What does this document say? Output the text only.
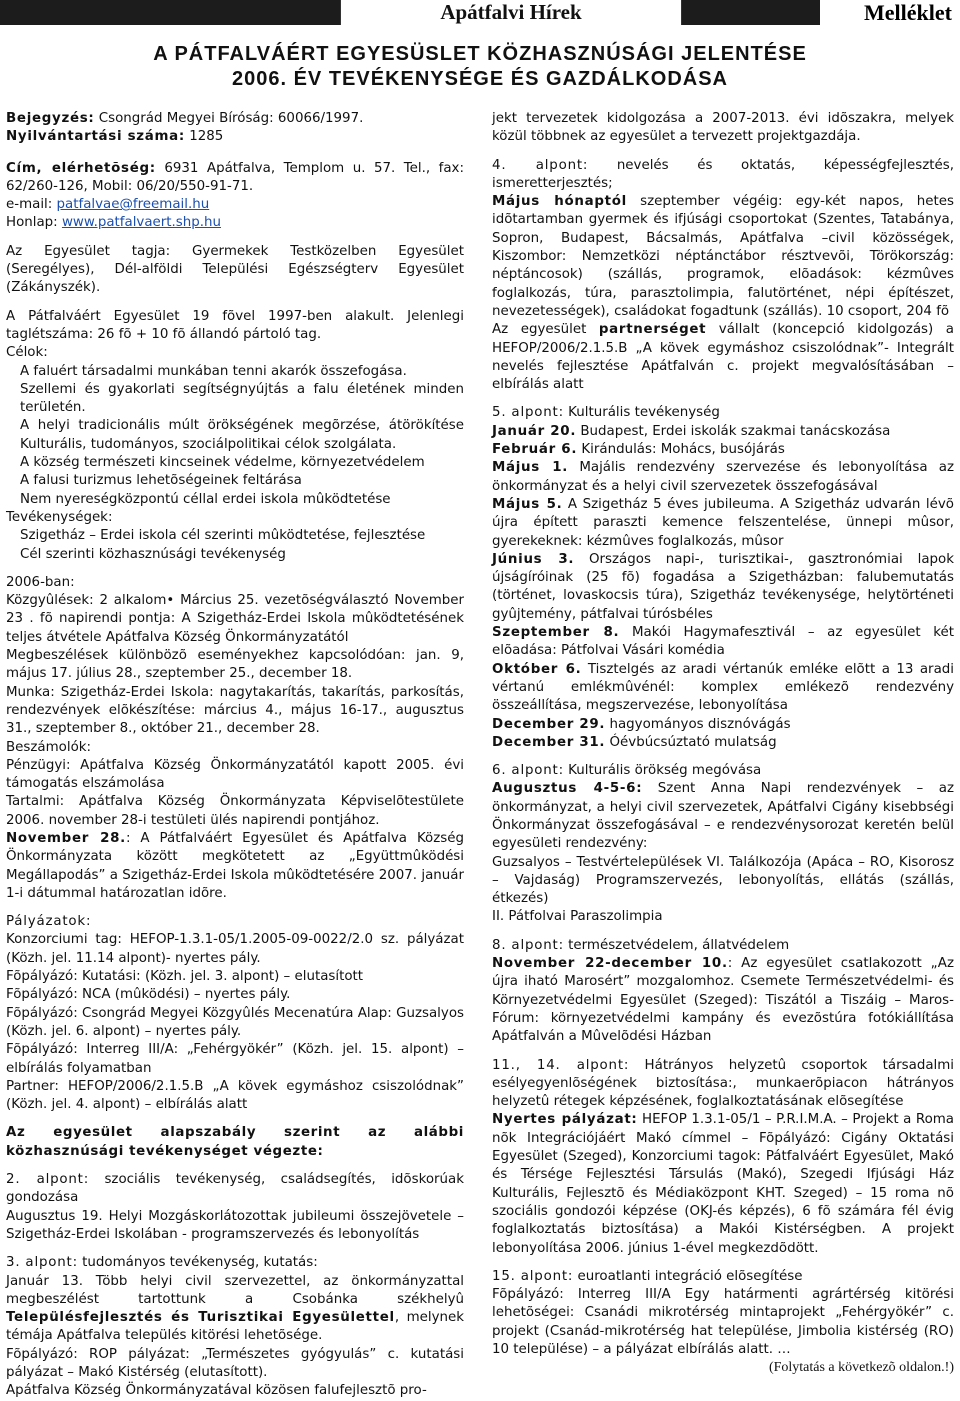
Apátfalvi Hírek	Melléklet
A PÁTFALVÁÉRT EGYESÜSLET KÖZHASZNÚSÁGI JELENTÉSE
2006. ÉV TEVÉKENYSÉGE ÉS GAZDÁLKODÁSA

Bejegyzés: Csongrád Megyei Bíróság: 60066/1997.

Nyilvántartási száma: 1285

Cím, elérhetõség: 6931 Apátfalva, Templom u. 57. Tel., fax: 62/260-126, Mobil: 06/20/550-91-71.

e-mail: patfalvae@freemail.hu

Honlap: www.patfalvaert.shp.hu

Az Egyesület tagja: Gyermekek Testközelben Egyesület (Seregélyes), Dél-alföldi Települési Egészségterv Egyesület (Zákányszék).

A Pátfalváért Egyesület 19 fõvel 1997-ben alakult. Jelenlegi taglétszáma: 26 fõ + 10 fõ állandó pártoló tag.

Célok:

A faluért társadalmi munkában tenni akarók összefogása.

Szellemi és gyakorlati segítségnyújtás a falu életének minden területén.

A helyi tradicionális múlt örökségének megõrzése, átörökítése Kulturális, tudományos, szociálpolitikai célok szolgálata.

A község természeti kincseinek védelme, környezetvédelem

A falusi turizmus lehetõségeinek feltárása

Nem nyereségközpontú céllal erdei iskola mûködtetése

Tevékenységek:

Szigetház – Erdei iskola cél szerinti mûködtetése, fejlesztése

Cél szerinti közhasznúsági tevékenység

2006-ban:

Közgyûlések: 2 alkalom• Március 25. vezetõségválasztó November 23 . fõ napirendi pontja: A Szigetház-Erdei Iskola mûködtetésének teljes átvétele Apátfalva Község Önkormányzatától

Megbeszélések különbözõ eseményekhez kapcsolódóan: jan. 9, május 17. július 28., szeptember 25., december 18.

Munka: Szigetház-Erdei Iskola: nagytakarítás, takarítás, parkosítás, rendezvények elõkészítése: március 4., május 16-17., augusztus 31., szeptember 8., október 21., december 28.

Beszámolók:

Pénzügyi: Apátfalva Község Önkormányzatától kapott 2005. évi támogatás elszámolása

Tartalmi: Apátfalva Község Önkormányzata Képviselõtestülete 2006. november 28-i testületi ülés napirendi pontjához.

November 28.: A Pátfalváért Egyesület és Apátfalva Község Önkormányzata között megkötetett az „Együttmûködési Megállapodás” a Szigetház-Erdei Iskola mûködtetésére 2007. január 1-i dátummal határozatlan idõre.

Pályázatok:

Konzorciumi tag: HEFOP-1.3.1-05/1.2005-09-0022/2.0 sz. pályázat (Közh. jel. 11.14 alpont)- nyertes pály.

Fõpályázó: Kutatási: (Közh. jel. 3. alpont) – elutasított

Fõpályázó: NCA (mûködési) – nyertes pály.

Fõpályázó: Csongrád Megyei Közgyûlés Mecenatúra Alap: Guzsalyos (Közh. jel. 6. alpont) – nyertes pály.

Fõpályázó: Interreg III/A: „Fehérgyökér” (Közh. jel. 15. alpont) – elbírálás folyamatban

Partner: HEFOP/2006/2.1.5.B „A kövek egymáshoz csiszolódnak” (Közh. jel. 4. alpont) – elbírálás alatt

Az egyesület alapszabály szerint az alábbi közhasznúsági tevékenységet végezte:

2. alpont: szociális tevékenység, családsegítés, idõskorúak gondozása

Augusztus 19. Helyi Mozgáskorlátozottak jubileumi összejövetele – Szigetház-Erdei Iskolában - programszervezés és lebonyolítás

3. alpont: tudományos tevékenység, kutatás:

Január 13. Több helyi civil szervezettel, az önkormányzattal megbeszélést tartottunk a Csobánka székhelyû Településfejlesztés és Turisztikai Egyesülettel, melynek témája Apátfalva település kitörési lehetõsége.

Fõpályázó: ROP pályázat: „Természetes gyógyulás” c. kutatási pályázat – Makó Kistérség (elutasított).

Apátfalva Község Önkormányzatával közösen falufejlesztõ pro-

jekt tervezetek kidolgozása a 2007-2013. évi idõszakra, melyek közül többnek az egyesület a tervezett projektgazdája.

4. alpont: nevelés és oktatás, képességfejlesztés, ismeretterjesztés;

Május hónaptól szeptember végéig: egy-két napos, hetes idõtartamban gyermek és ifjúsági csoportokat (Szentes, Tatabánya, Sopron, Budapest, Bácsalmás, Apátfalva –civil közösségek, Kiszombor: Nemzetközi néptánctábor résztvevõi, Törökország: néptáncosok) (szállás, programok, elõadások: kézmûves foglalkozás, túra, parasztolimpia, falutörténet, népi építészet, nevezetességek), családokat fogadtunk (szállás). 10 csoport, 204 fõ

Az egyesület partnerséget vállalt (koncepció kidolgozás) a HEFOP/2006/2.1.5.B „A kövek egymáshoz csiszolódnak”- Integrált nevelés fejlesztése Apátfalván c. projekt megvalósításában – elbírálás alatt

5. alpont: Kulturális tevékenység

Január 20. Budapest, Erdei iskolák szakmai tanácskozása

Február 6. Kirándulás: Mohács, busójárás

Május 1. Majális rendezvény szervezése és lebonyolítása az önkormányzat és a helyi civil szervezetek összefogásával

Május 5. A Szigetház 5 éves jubileuma. A Szigetház udvarán lévõ újra épített paraszti kemence felszentelése, ünnepi mûsor, gyerekeknek: kézmûves foglalkozás, mûsor

Június 3. Országos napi-, turisztikai-, gasztronómiai lapok újságíróinak (25 fõ) fogadása a Szigetházban: falubemutatás (történet, lovaskocsis túra), Szigetház tevékenysége, helytörténeti gyûjtemény, pátfalvai túrósbéles

Szeptember 8. Makói Hagymafesztivál – az egyesület két elõadása: Pátfolvai Vásári komédia

Október 6. Tisztelgés az aradi vértanúk emléke elõtt a 13 aradi vértanú emlékmûvénél: komplex emlékezõ rendezvény összeállítása, megszervezése, lebonyolítása

December 29. hagyományos disznóvágás

December 31. Óévbúcsúztató mulatság

6. alpont: Kulturális örökség megóvása

Augusztus 4-5-6: Szent Anna Napi rendezvények – az önkormányzat, a helyi civil szervezetek, Apátfalvi Cigány kisebbségi Önkormányzat összefogásával – e rendezvénysorozat keretén belül egyesületi rendezvény:

Guzsalyos – Testvértelepülések VI. Találkozója (Apáca – RO, Kisorosz – Vajdaság) Programszervezés, lebonyolítás, ellátás (szállás, étkezés)

II. Pátfolvai Paraszolimpia

8. alpont: természetvédelem, állatvédelem

November 22-december 10.: Az egyesület csatlakozott „Az újra iható Marosért” mozgalomhoz. Csemete Természetvédelmi- és Környezetvédelmi Egyesület (Szeged): Tiszától a Tiszáig – Maros-Fórum: környezetvédelmi kampány és evezõstúra fotókiállítása Apátfalván a Mûvelõdési Házban

11., 14. alpont: Hátrányos helyzetû csoportok társadalmi esélyegyenlõségének biztosítása:, munkaerõpiacon hátrányos helyzetû rétegek képzésének, foglalkoztatásának elõsegítése

Nyertes pályázat: HEFOP 1.3.1-05/1 – P.R.I.M.A. – Projekt a Roma nõk Integrációjáért Makó címmel – Fõpályázó: Cigány Oktatási Egyesület (Szeged), Konzorciumi tagok: Pátfalváért Egyesület, Makó és Térsége Fejlesztési Társulás (Makó), Szegedi Ifjúsági Ház Kulturális, Fejlesztõ és Médiaközpont KHT. Szeged) – 15 roma nõ szociális gondozói képzése (OKJ-és képzés), 6 fõ számára fél évig foglalkoztatás biztosítása) a Makói Kistérségben. A projekt lebonyolítása 2006. június 1-ével megkezdõdött.

15. alpont: euroatlanti integráció elõsegítése

Fõpályázó: Interreg III/A Egy határmenti agrártérség kitörési lehetõségei: Csanádi mikrotérség mintaprojekt „Fehérgyökér” c. projekt (Csanád-mikrotérség hat települése, Jimbolia kistérség (RO) 10 települése) – a pályázat elbírálás alatt. …

(Folytatás a következõ oldalon.!)
